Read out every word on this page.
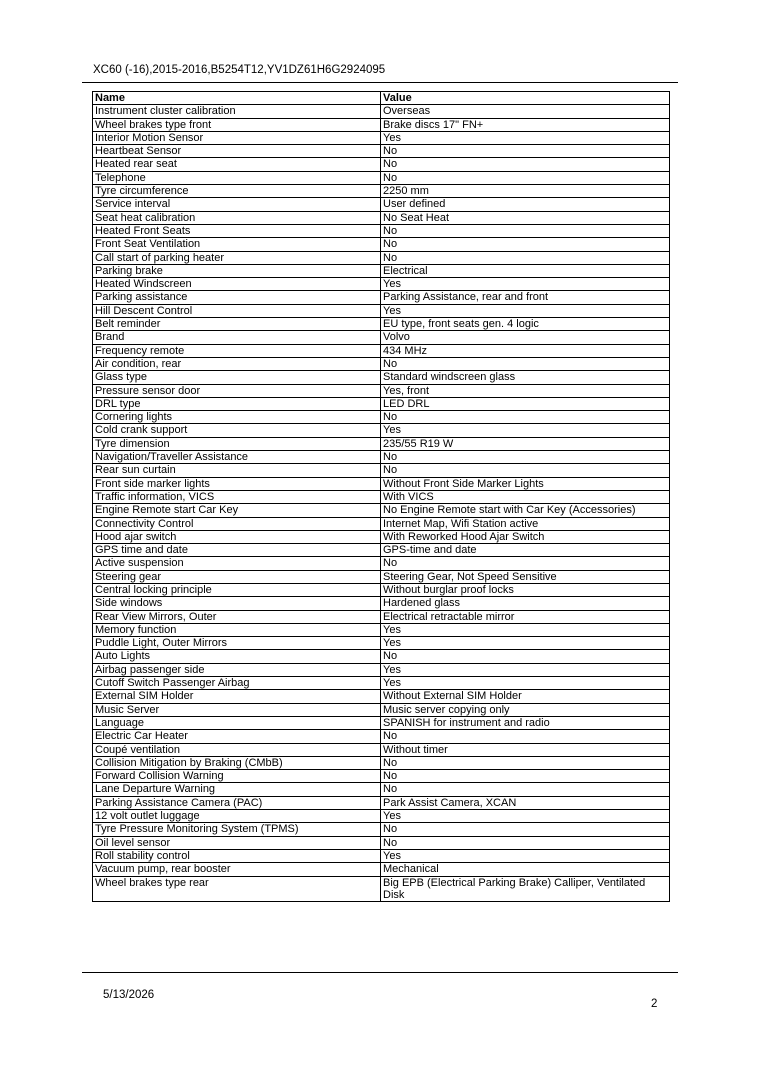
XC60 (-16),2015-2016,B5254T12,YV1DZ61H6G2924095
Name	Value
Instrument cluster calibration	Overseas
Wheel brakes type front	Brake discs 17" FN+
Interior Motion Sensor	Yes
Heartbeat Sensor	No
Heated rear seat	No
Telephone	No
Tyre circumference	2250 mm
Service interval	User defined
Seat heat calibration	No Seat Heat
Heated Front Seats	No
Front Seat Ventilation	No
Call start of parking heater	No
Parking brake	Electrical
Heated Windscreen	Yes
Parking assistance	Parking Assistance, rear and front
Hill Descent Control	Yes
Belt reminder	EU type, front seats gen. 4 logic
Brand	Volvo
Frequency remote	434 MHz
Air condition, rear	No
Glass type	Standard windscreen glass
Pressure sensor door	Yes, front
DRL type	LED DRL
Cornering lights	No
Cold crank support	Yes
Tyre dimension	235/55 R19 W
Navigation/Traveller Assistance	No
Rear sun curtain	No
Front side marker lights	Without Front Side Marker Lights
Traffic information, VICS	With VICS
Engine Remote start Car Key	No Engine Remote start with Car Key (Accessories)
Connectivity Control	Internet Map, Wifi Station active
Hood ajar switch	With Reworked Hood Ajar Switch
GPS time and date	GPS-time and date
Active suspension	No
Steering gear	Steering Gear, Not Speed Sensitive
Central locking principle	Without burglar proof locks
Side windows	Hardened glass
Rear View Mirrors, Outer	Electrical retractable mirror
Memory function	Yes
Puddle Light, Outer Mirrors	Yes
Auto Lights	No
Airbag passenger side	Yes
Cutoff Switch Passenger Airbag	Yes
External SIM Holder	Without External SIM Holder
Music Server	Music server copying only
Language	SPANISH for instrument and radio
Electric Car Heater	No
Coupé ventilation	Without timer
Collision Mitigation by Braking (CMbB)	No
Forward Collision Warning	No
Lane Departure Warning	No
Parking Assistance Camera (PAC)	Park Assist Camera, XCAN
12 volt outlet luggage	Yes
Tyre Pressure Monitoring System (TPMS)	No
Oil level sensor	No
Roll stability control	Yes
Vacuum pump, rear booster	Mechanical
Wheel brakes type rear	Big EPB (Electrical Parking Brake) Calliper, Ventilated Disk
5/13/2026
2
